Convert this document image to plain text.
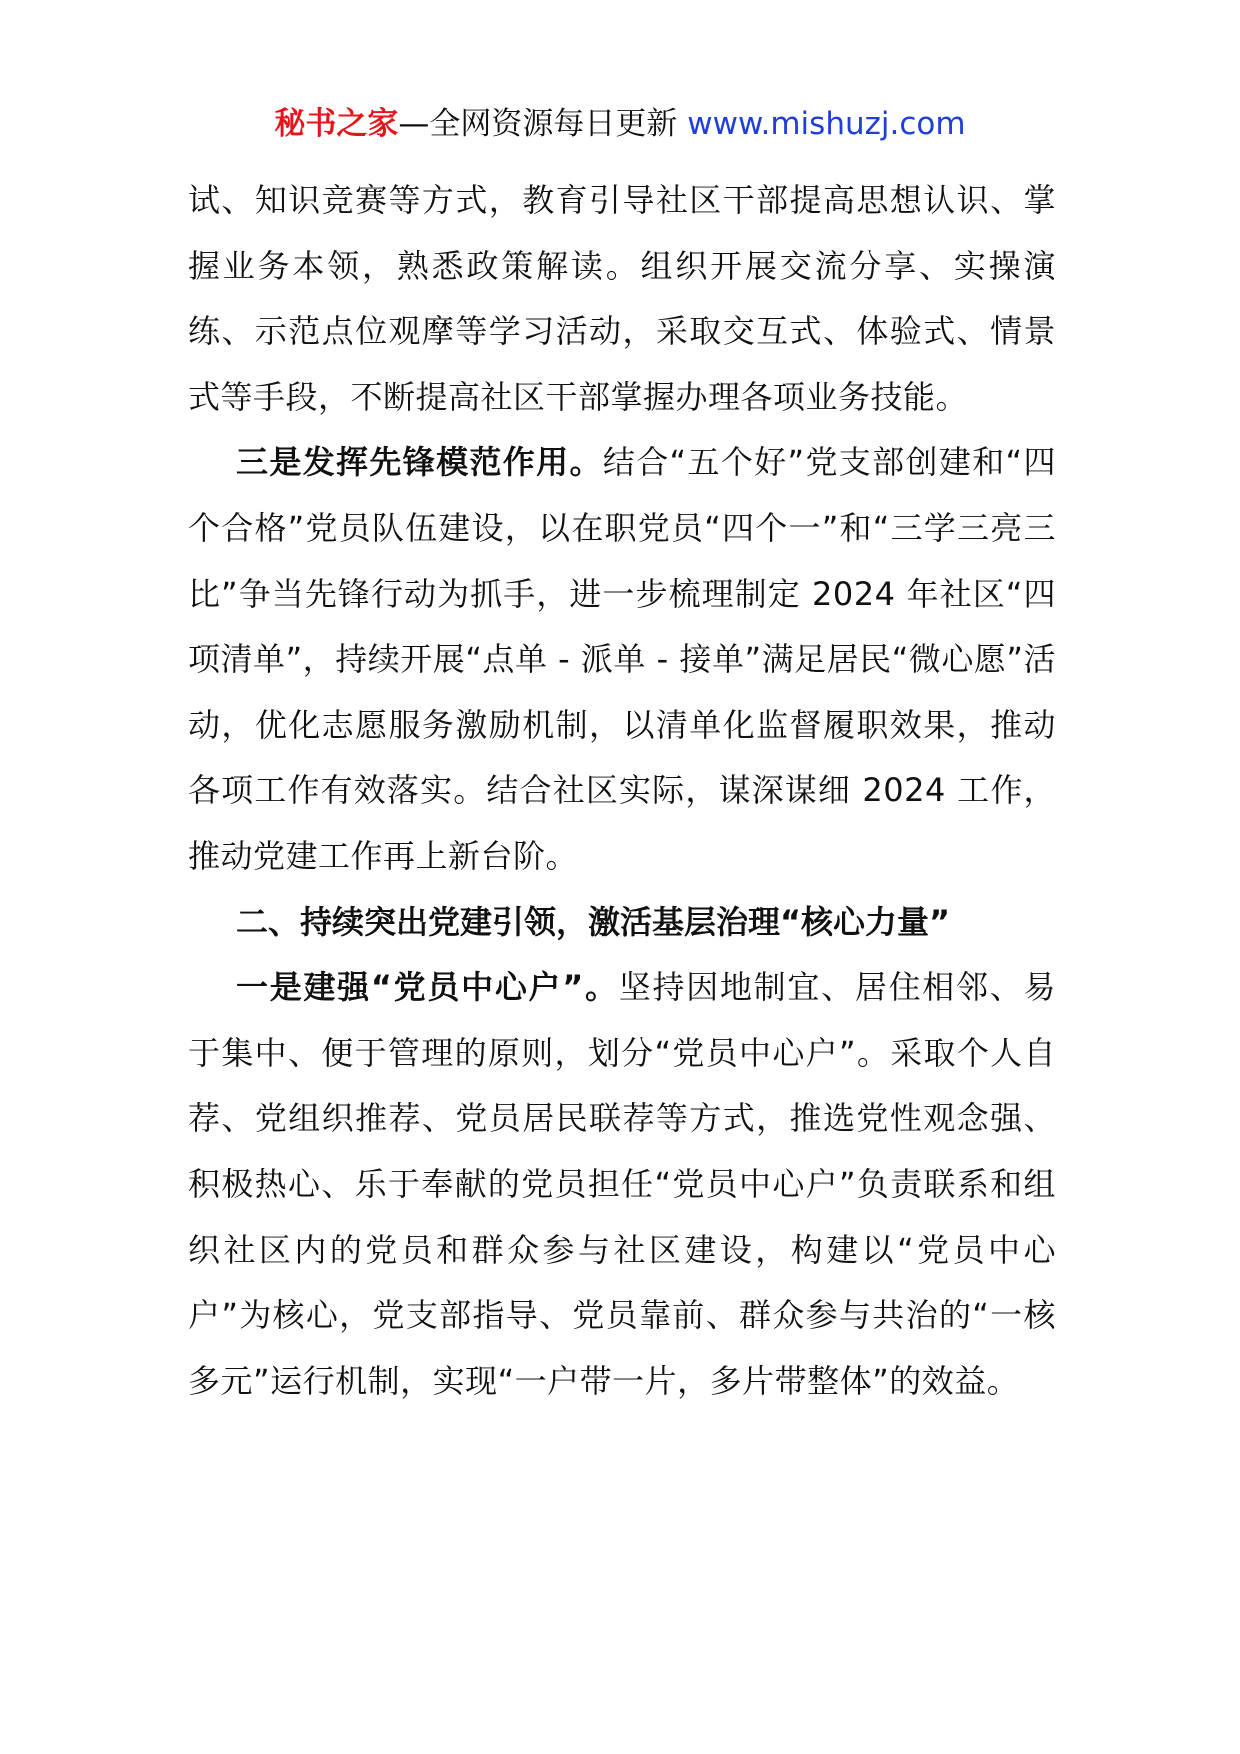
秘书之家—全网资源每日更新 www.mishuzj.com

试、知识竞赛等方式，教育引导社区干部提高思想认识、掌握业务本领，熟悉政策解读。组织开展交流分享、实操演练、示范点位观摩等学习活动，采取交互式、体验式、情景式等手段，不断提高社区干部掌握办理各项业务技能。

三是发挥先锋模范作用。结合“五个好”党支部创建和“四个合格”党员队伍建设，以在职党员“四个一”和“三学三亮三比”争当先锋行动为抓手，进一步梳理制定 2024 年社区“四项清单”，持续开展“点单 - 派单 - 接单”满足居民“微心愿”活动，优化志愿服务激励机制，以清单化监督履职效果，推动各项工作有效落实。结合社区实际，谋深谋细 2024 工作，推动党建工作再上新台阶。

二、持续突出党建引领，激活基层治理“核心力量”

一是建强“党员中心户”。坚持因地制宜、居住相邻、易于集中、便于管理的原则，划分“党员中心户”。采取个人自荐、党组织推荐、党员居民联荐等方式，推选党性观念强、积极热心、乐于奉献的党员担任“党员中心户”负责联系和组织社区内的党员和群众参与社区建设，构建以“党员中心户”为核心，党支部指导、党员靠前、群众参与共治的“一核多元”运行机制，实现“一户带一片，多片带整体”的效益。
